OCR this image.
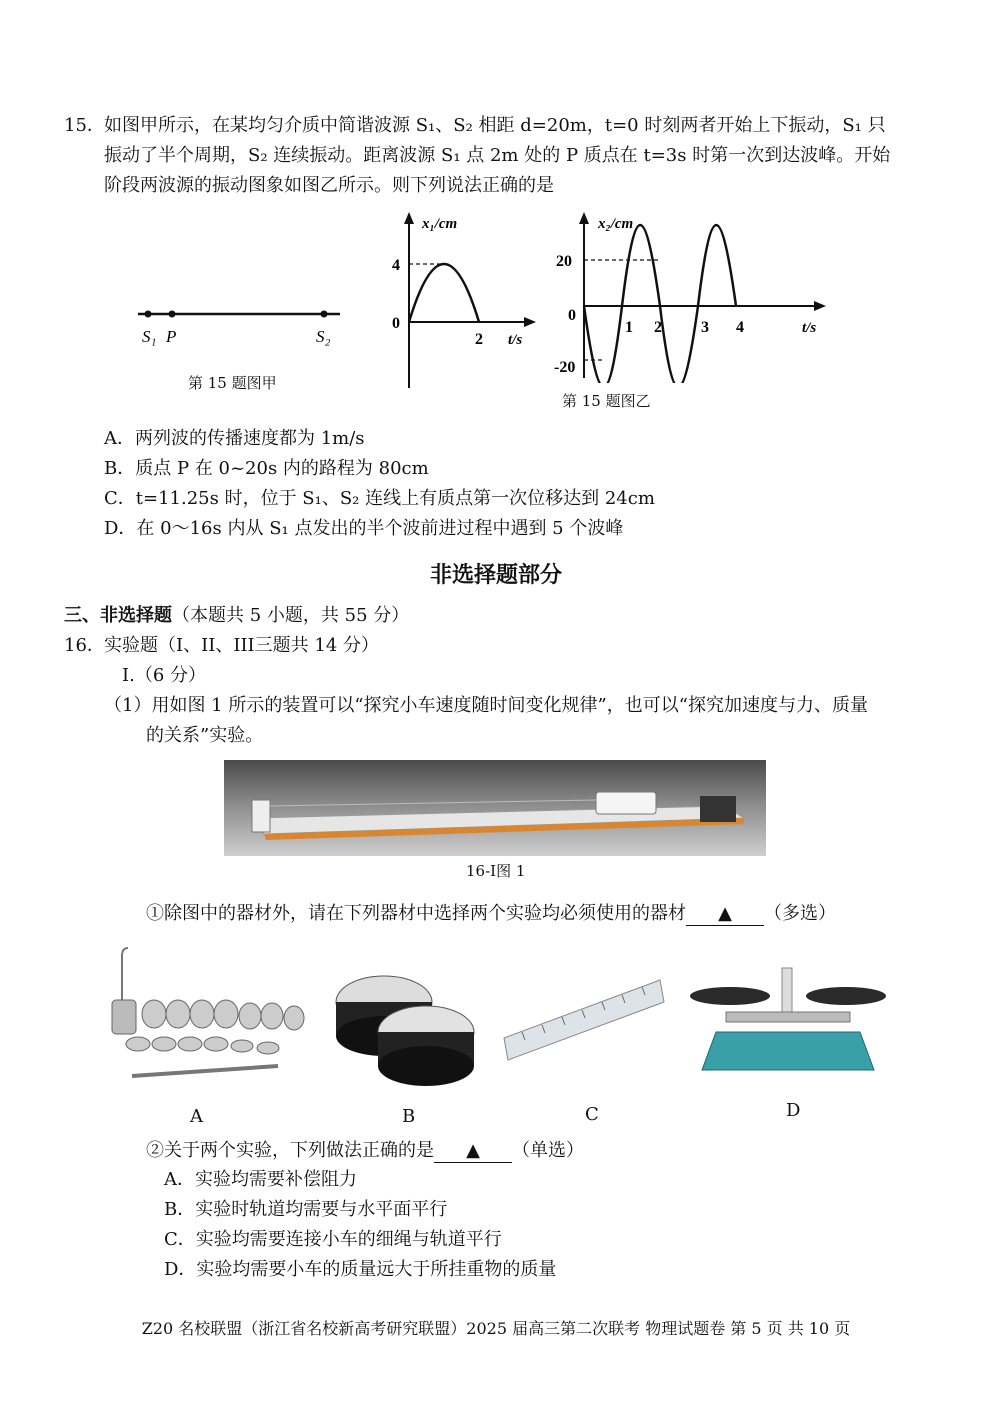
15． 如图甲所示，在某均匀介质中简谐波源 S₁、S₂ 相距 d=20m，t=0 时刻两者开始上下振动，S₁ 只
振动了半个周期，S₂ 连续振动。距离波源 S₁ 点 2m 处的 P 质点在 t=3s 时第一次到达波峰。开始
阶段两波源的振动图象如图乙所示。则下列说法正确的是
S₁ P	S₂
第 15 题图甲
x₁/cm
4
0
2 t/s
x₂/cm
20
0
-20
1 2 3 4	t/s
第 15 题图乙
A．两列波的传播速度都为 1m/s
B．质点 P 在 0~20s 内的路程为 80cm
C．t=11.25s 时，位于 S₁、S₂ 连线上有质点第一次位移达到 24cm
D．在 0～16s 内从 S₁ 点发出的半个波前进过程中遇到 5 个波峰
非选择题部分
三、非选择题（本题共 5 小题，共 55 分）
16． 实验题（I、II、III三题共 14 分）
I.（6 分）
（1）用如图 1 所示的装置可以“探究小车速度随时间变化规律”，也可以“探究加速度与力、质量
的关系”实验。
16-I图 1
①除图中的器材外，请在下列器材中选择两个实验均必须使用的器材 ▲ （多选）
A	B	C	D
②关于两个实验，下列做法正确的是 ▲ （单选）
A．实验均需要补偿阻力
B．实验时轨道均需要与水平面平行
C．实验均需要连接小车的细绳与轨道平行
D．实验均需要小车的质量远大于所挂重物的质量
Z20 名校联盟（浙江省名校新高考研究联盟）2025 届高三第二次联考 物理试题卷 第 5 页 共 10 页
